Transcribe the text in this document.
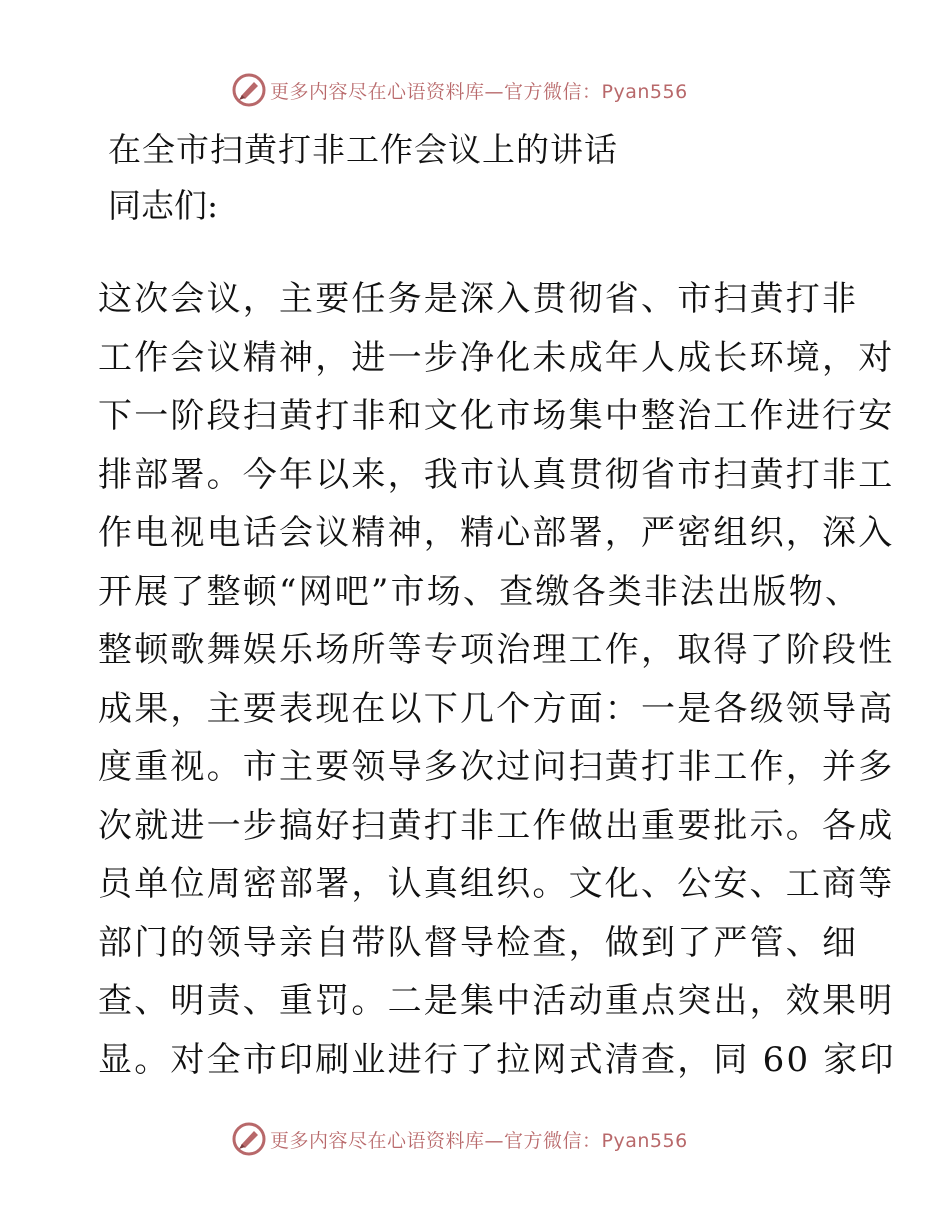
更多内容尽在心语资料库—官方微信：Pyan556
在全市扫黄打非工作会议上的讲话
同志们:
这次会议，主要任务是深入贯彻省、市扫黄打非
工作会议精神，进一步净化未成年人成长环境，对
下一阶段扫黄打非和文化市场集中整治工作进行安
排部署。今年以来，我市认真贯彻省市扫黄打非工
作电视电话会议精神，精心部署，严密组织，深入
开展了整顿“网吧”市场、查缴各类非法出版物、
整顿歌舞娱乐场所等专项治理工作，取得了阶段性
成果，主要表现在以下几个方面：一是各级领导高
度重视。市主要领导多次过问扫黄打非工作，并多
次就进一步搞好扫黄打非工作做出重要批示。各成
员单位周密部署，认真组织。文化、公安、工商等
部门的领导亲自带队督导检查，做到了严管、细
查、明责、重罚。二是集中活动重点突出，效果明
显。对全市印刷业进行了拉网式清查，同 60 家印
更多内容尽在心语资料库—官方微信：Pyan556
